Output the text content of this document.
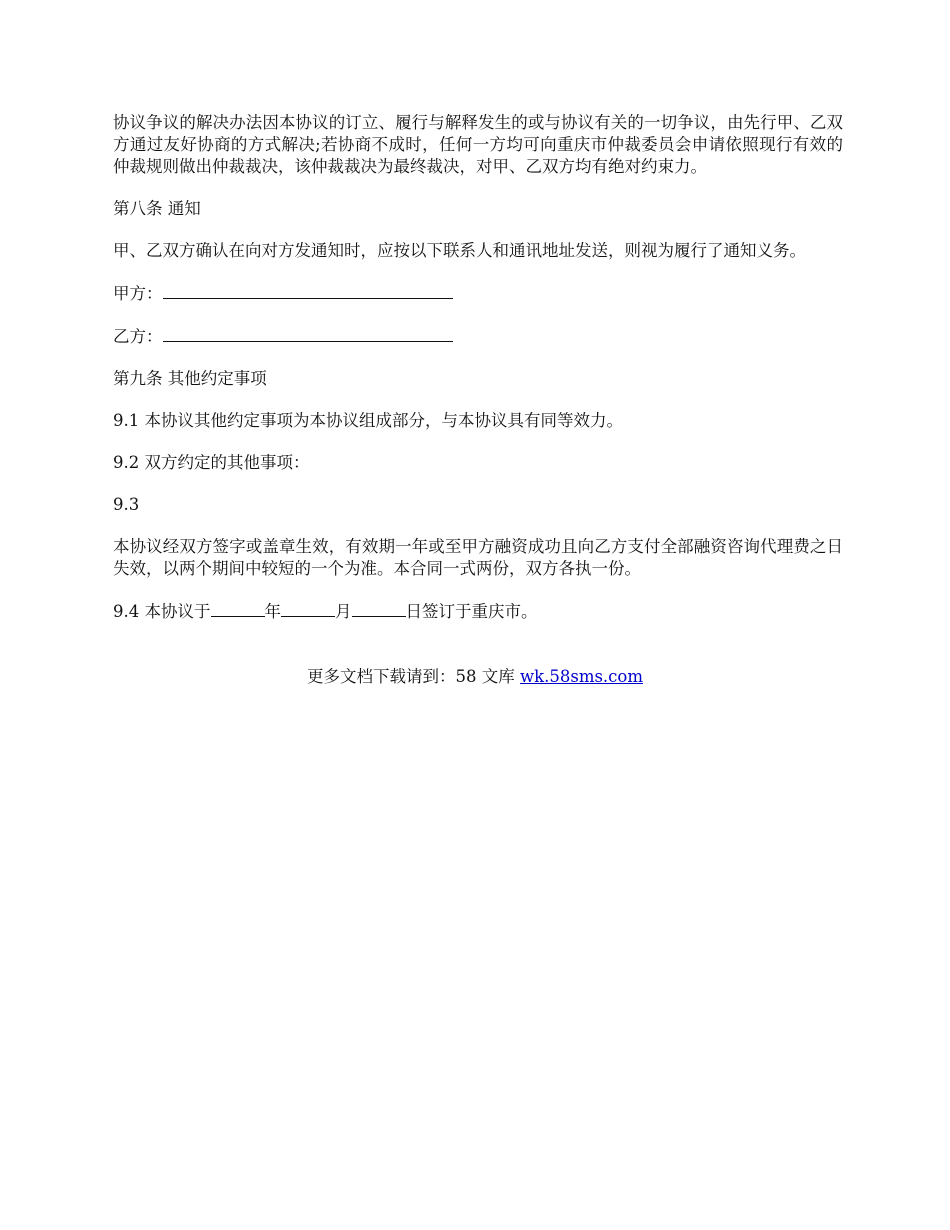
协议争议的解决办法因本协议的订立、履行与解释发生的或与协议有关的一切争议，由先行甲、乙双方通过友好协商的方式解决;若协商不成时，任何一方均可向重庆市仲裁委员会申请依照现行有效的仲裁规则做出仲裁裁决，该仲裁裁决为最终裁决，对甲、乙双方均有绝对约束力。

第八条 通知

甲、乙双方确认在向对方发通知时，应按以下联系人和通讯地址发送，则视为履行了通知义务。

甲方：

乙方：

第九条 其他约定事项

9.1 本协议其他约定事项为本协议组成部分，与本协议具有同等效力。

9.2 双方约定的其他事项：

9.3

本协议经双方签字或盖章生效，有效期一年或至甲方融资成功且向乙方支付全部融资咨询代理费之日失效，以两个期间中较短的一个为准。本合同一式两份，双方各执一份。

9.4 本协议于	年	月	日签订于重庆市。

更多文档下载请到：58 文库 wk.58sms.com
